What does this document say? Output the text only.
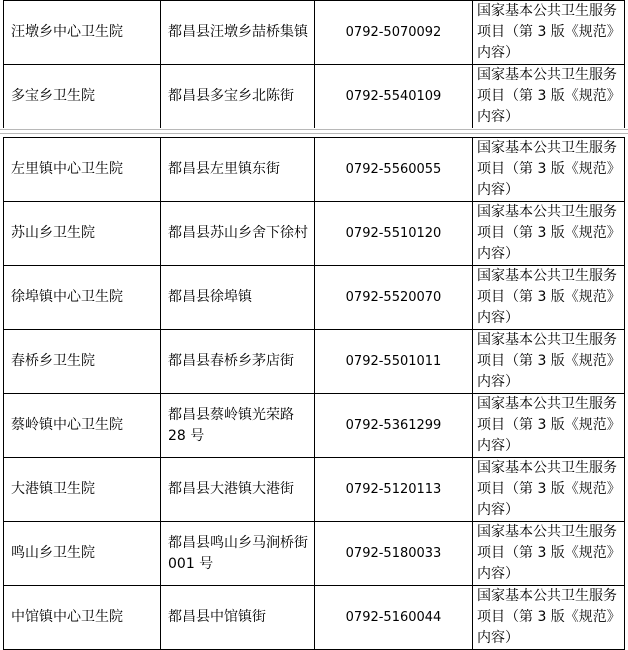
汪墩乡中心卫生院	都昌县汪墩乡喆桥集镇	0792-5070092	国家基本公共卫生服务项目（第 3 版《规范》内容）
多宝乡卫生院	都昌县多宝乡北陈街	0792-5540109	国家基本公共卫生服务项目（第 3 版《规范》内容）
左里镇中心卫生院	都昌县左里镇东街	0792-5560055	国家基本公共卫生服务项目（第 3 版《规范》内容）
苏山乡卫生院	都昌县苏山乡舍下徐村	0792-5510120	国家基本公共卫生服务项目（第 3 版《规范》内容）
徐埠镇中心卫生院	都昌县徐埠镇	0792-5520070	国家基本公共卫生服务项目（第 3 版《规范》内容）
春桥乡卫生院	都昌县春桥乡茅店街	0792-5501011	国家基本公共卫生服务项目（第 3 版《规范》内容）
蔡岭镇中心卫生院	都昌县蔡岭镇光荣路 28 号	0792-5361299	国家基本公共卫生服务项目（第 3 版《规范》内容）
大港镇卫生院	都昌县大港镇大港街	0792-5120113	国家基本公共卫生服务项目（第 3 版《规范》内容）
鸣山乡卫生院	都昌县鸣山乡马涧桥街 001 号	0792-5180033	国家基本公共卫生服务项目（第 3 版《规范》内容）
中馆镇中心卫生院	都昌县中馆镇街	0792-5160044	国家基本公共卫生服务项目（第 3 版《规范》内容）
